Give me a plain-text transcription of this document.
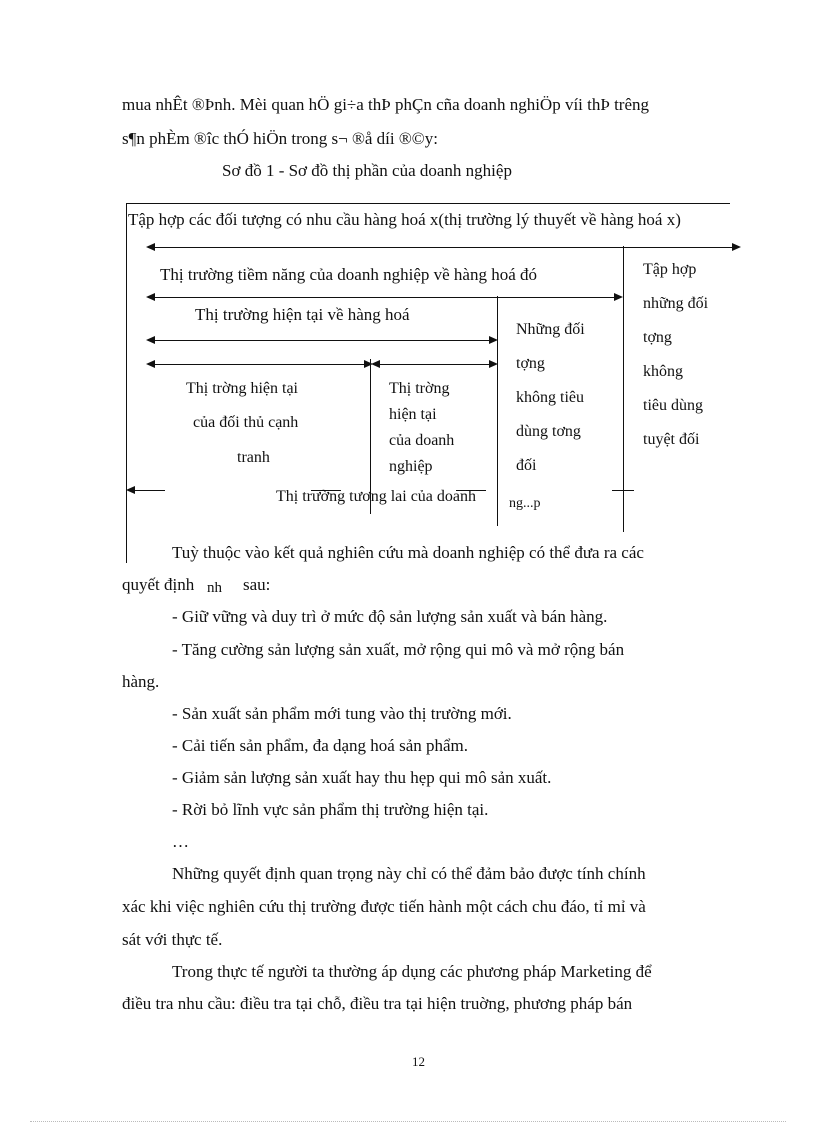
mua nhÊt ®Þnh. Mèi quan hÖ gi÷a thÞ phÇn cña doanh nghiÖp víi thÞ trêng
s¶n phÈm ®îc thÓ hiÖn trong s¬ ®å díi ®©y:
Sơ đồ 1 - Sơ đồ thị phần của doanh nghiệp
Tập hợp các đối tượng có nhu cầu hàng hoá x(thị trường lý thuyết về hàng hoá x)
Thị trường tiềm năng của doanh nghiệp về hàng hoá đó	Tập hợp
những đối
tợng
không
tiêu dùng
tuyệt đối
Thị trường hiện tại về hàng hoá
Những đối
tợng
không tiêu
dùng tơng
đối
Thị trờng hiện tại
của đối thủ cạnh
tranh
Thị trờng
hiện tại
của doanh
nghiệp
Thị trường tương lai của doanh ng...p
Tuỳ thuộc vào kết quả nghiên cứu mà doanh nghiệp có thể đưa ra các
quyết định nh sau:
- Giữ vững và duy trì ở mức độ sản lượng sản xuất và bán hàng.
- Tăng cường sản lượng sản xuất, mở rộng qui mô và mở rộng bán
hàng.
- Sản xuất sản phẩm mới tung vào thị trường mới.
- Cải tiến sản phẩm, đa dạng hoá sản phẩm.
- Giảm sản lượng sản xuất hay thu hẹp qui mô sản xuất.
- Rời bỏ lĩnh vực sản phẩm thị trường hiện tại.
…
Những quyết định quan trọng này chỉ có thể đảm bảo được tính chính
xác khi việc nghiên cứu thị trường được tiến hành một cách chu đáo, tỉ mỉ và
sát với thực tế.
Trong thực tế người ta thường áp dụng các phương pháp Marketing để
điều tra nhu cầu: điều tra tại chỗ, điều tra tại hiện truờng, phương pháp bán
12
